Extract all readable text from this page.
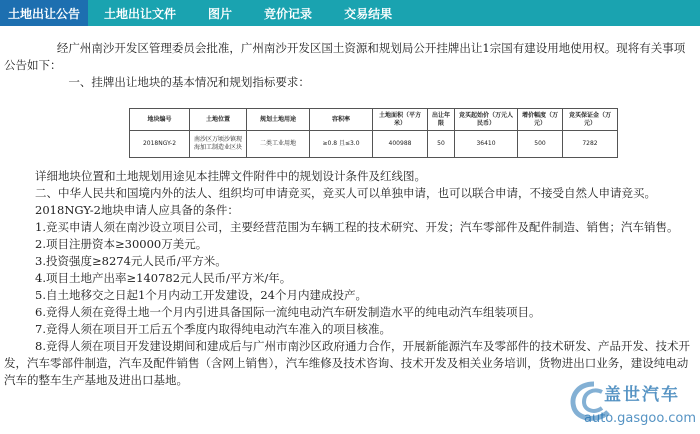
土地出让公告	土地出让文件	图片	竞价记录	交易结果

经广州南沙开发区管理委员会批准，广州南沙开发区国土资源和规划局公开挂牌出让1宗国有建设用地使用权。现将有关事项公告如下：

一、挂牌出让地块的基本情况和规划指标要求：

地块编号	土地位置	规划土地用途	容积率	土地面积（平方米）	出让年限	竞买起始价（万元人民币）	增价幅度（万元）	竞买保证金（万元）
2018NGY-2	南沙区万顷沙镇现海加工制造业区块	二类工业用地	≥0.8 且≤3.0	400988	50	36410	500	7282

详细地块位置和土地规划用途见本挂牌文件附件中的规划设计条件及红线图。

二、中华人民共和国境内外的法人、组织均可申请竞买，竞买人可以单独申请，也可以联合申请，不接受自然人申请竞买。

2018NGY-2地块申请人应具备的条件：

1.竞买申请人须在南沙设立项目公司，主要经营范围为车辆工程的技术研究、开发；汽车零部件及配件制造、销售；汽车销售。

2.项目注册资本≥30000万美元。

3.投资强度≥8274元人民币/平方米。

4.项目土地产出率≥140782元人民币/平方米/年。

5.自土地移交之日起1个月内动工开发建设，24个月内建成投产。

6.竞得人须在竞得土地一个月内引进具备国际一流纯电动汽车研发制造水平的纯电动汽车组装项目。

7.竞得人须在项目开工后五个季度内取得纯电动汽车准入的项目核准。

8.竞得人须在项目开发建设期间和建成后与广州市南沙区政府通力合作，开展新能源汽车及零部件的技术研发、产品开发、技术开发，汽车零部件制造，汽车及配件销售（含网上销售），汽车维修及技术咨询、技术开发及相关业务培训，货物进出口业务，建设纯电动汽车的整车生产基地及进出口基地。

盖世汽车
auto.gasgoo.com
